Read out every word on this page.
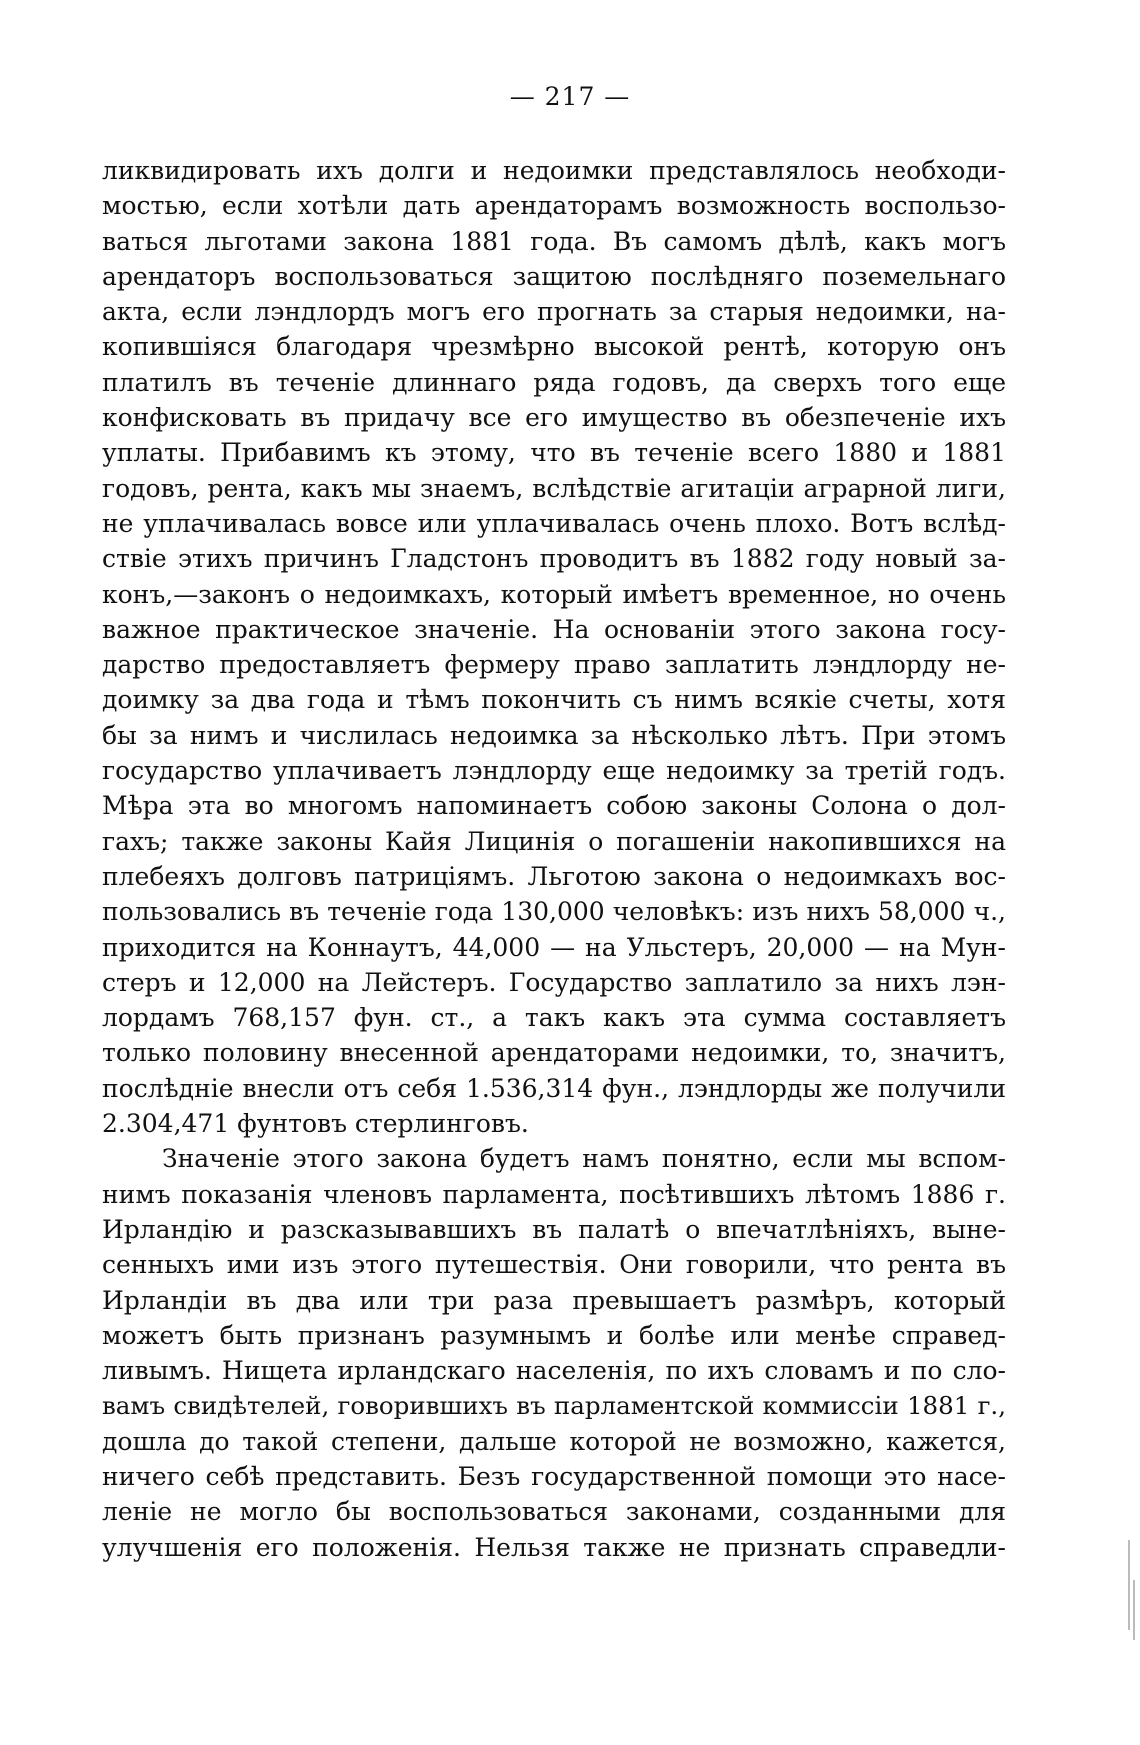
— 217 —
ликвидировать ихъ долги и недоимки представлялось необходи-
мостью, если хотѣли дать арендаторамъ возможность воспользо-
ваться льготами закона 1881 года. Въ самомъ дѣлѣ, какъ могъ
арендаторъ воспользоваться защитою послѣдняго поземельнаго
акта, если лэндлордъ могъ его прогнать за старыя недоимки, на-
копившіяся благодаря чрезмѣрно высокой рентѣ, которую онъ
платилъ въ теченіе длиннаго ряда годовъ, да сверхъ того еще
конфисковать въ придачу все его имущество въ обезпеченіе ихъ
уплаты. Прибавимъ къ этому, что въ теченіе всего 1880 и 1881
годовъ, рента, какъ мы знаемъ, вслѣдствіе агитаціи аграрной лиги,
не уплачивалась вовсе или уплачивалась очень плохо. Вотъ вслѣд-
ствіе этихъ причинъ Гладстонъ проводитъ въ 1882 году новый за-
конъ,—законъ о недоимкахъ, который имѣетъ временное, но очень
важное практическое значеніе. На основаніи этого закона госу-
дарство предоставляетъ фермеру право заплатить лэндлорду не-
доимку за два года и тѣмъ покончить съ нимъ всякіе счеты, хотя
бы за нимъ и числилась недоимка за нѣсколько лѣтъ. При этомъ
государство уплачиваетъ лэндлорду еще недоимку за третій годъ.
Мѣра эта во многомъ напоминаетъ собою законы Солона о дол-
гахъ; также законы Кайя Лицинія о погашеніи накопившихся на
плебеяхъ долговъ патриціямъ. Льготою закона о недоимкахъ вос-
пользовались въ теченіе года 130,000 человѣкъ: изъ нихъ 58,000 ч.,
приходится на Коннаутъ, 44,000 — на Ульстеръ, 20,000 — на Мун-
стеръ и 12,000 на Лейстеръ. Государство заплатило за нихъ лэн-
лордамъ 768,157 фун. ст., а такъ какъ эта сумма составляетъ
только половину внесенной арендаторами недоимки, то, значитъ,
послѣдніе внесли отъ себя 1.536,314 фун., лэндлорды же получили
2.304,471 фунтовъ стерлинговъ.
Значеніе этого закона будетъ намъ понятно, если мы вспом-
нимъ показанія членовъ парламента, посѣтившихъ лѣтомъ 1886 г.
Ирландію и разсказывавшихъ въ палатѣ о впечатлѣніяхъ, выне-
сенныхъ ими изъ этого путешествія. Они говорили, что рента въ
Ирландіи въ два или три раза превышаетъ размѣръ, который
можетъ быть признанъ разумнымъ и болѣе или менѣе справед-
ливымъ. Нищета ирландскаго населенія, по ихъ словамъ и по сло-
вамъ свидѣтелей, говорившихъ въ парламентской коммиссіи 1881 г.,
дошла до такой степени, дальше которой не возможно, кажется,
ничего себѣ представить. Безъ государственной помощи это насе-
леніе не могло бы воспользоваться законами, созданными для
улучшенія его положенія. Нельзя также не признать справедли-
